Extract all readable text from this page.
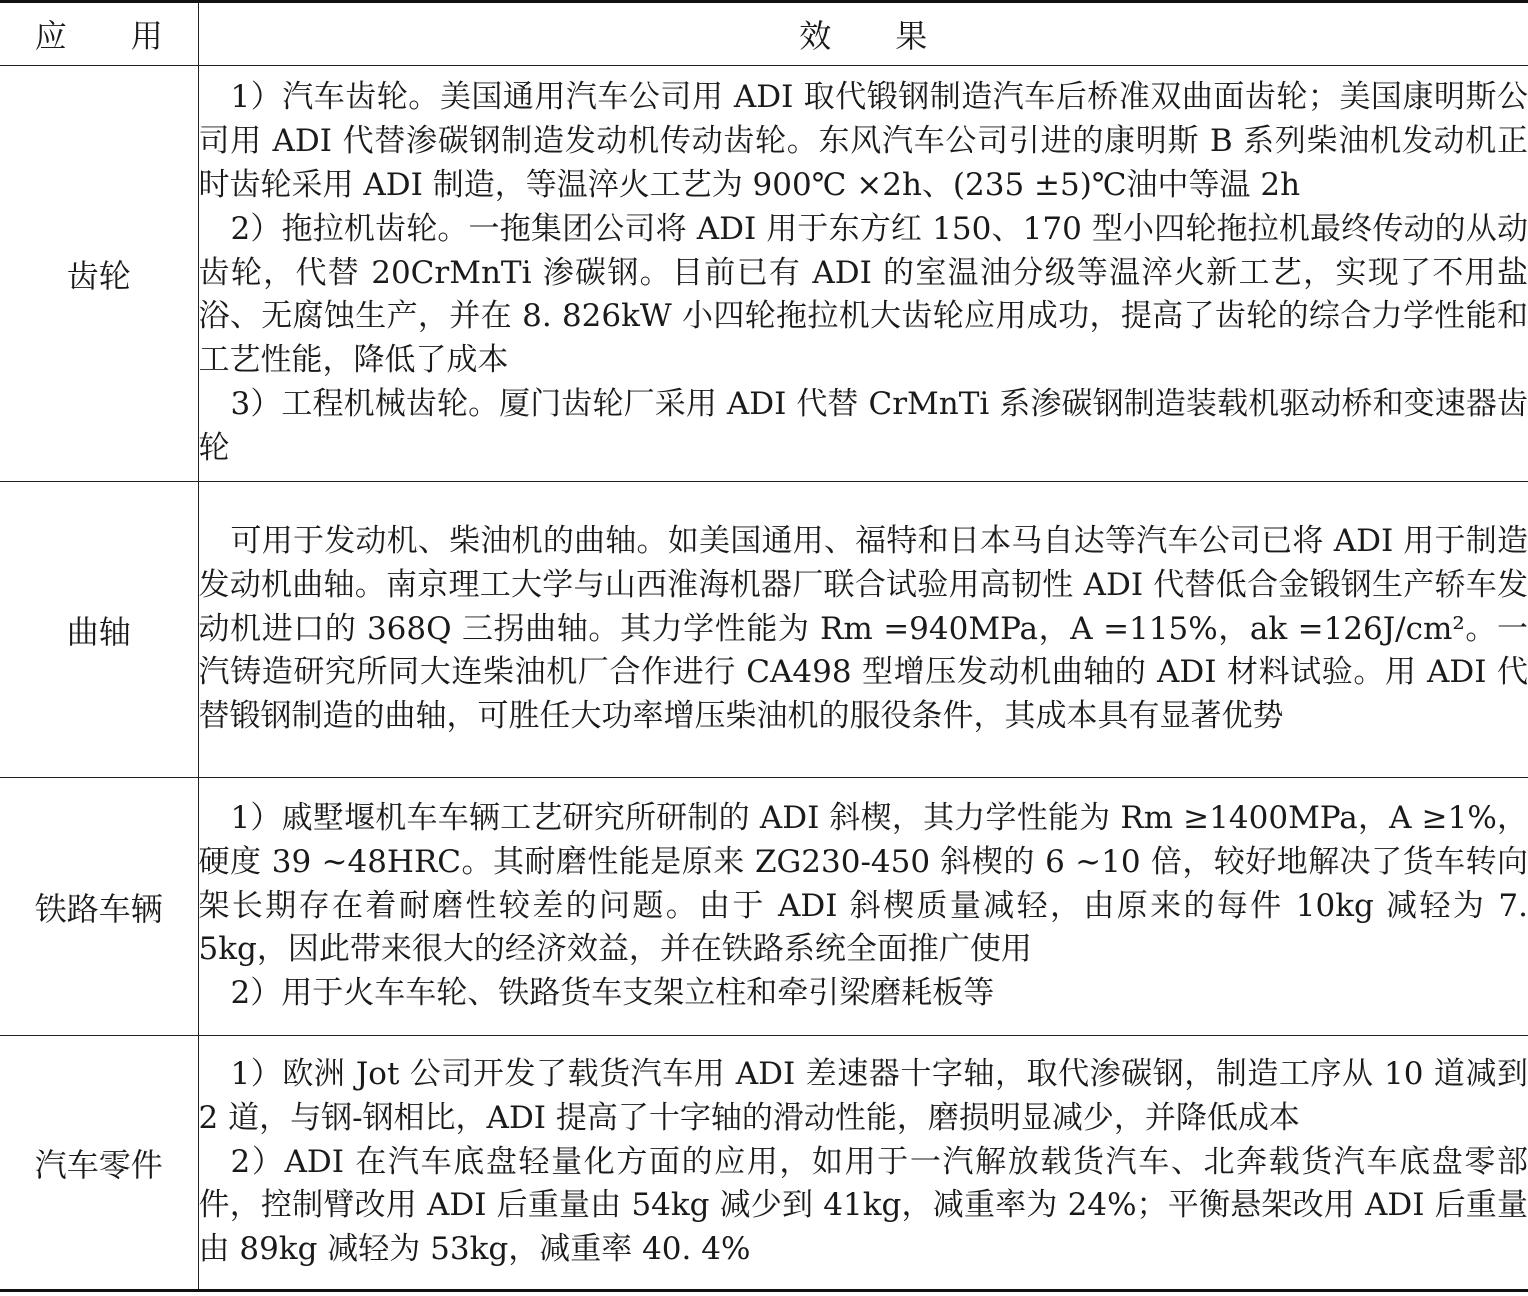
应　　用	效　　果
齿轮	1）汽车齿轮。美国通用汽车公司用 ADI 取代锻钢制造汽车后桥准双曲面齿轮；美国康明斯公司用 ADI 代替渗碳钢制造发动机传动齿轮。东风汽车公司引进的康明斯 B 系列柴油机发动机正时齿轮采用 ADI 制造，等温淬火工艺为 900℃ ×2h、(235 ±5)℃油中等温 2h

2）拖拉机齿轮。一拖集团公司将 ADI 用于东方红 150、170 型小四轮拖拉机最终传动的从动齿轮，代替 20CrMnTi 渗碳钢。目前已有 ADI 的室温油分级等温淬火新工艺，实现了不用盐浴、无腐蚀生产，并在 8. 826kW 小四轮拖拉机大齿轮应用成功，提高了齿轮的综合力学性能和工艺性能，降低了成本

3）工程机械齿轮。厦门齿轮厂采用 ADI 代替 CrMnTi 系渗碳钢制造装载机驱动桥和变速器齿轮

曲轴	可用于发动机、柴油机的曲轴。如美国通用、福特和日本马自达等汽车公司已将 ADI 用于制造发动机曲轴。南京理工大学与山西淮海机器厂联合试验用高韧性 ADI 代替低合金锻钢生产轿车发动机进口的 368Q 三拐曲轴。其力学性能为 Rm =940MPa，A =115%，ak =126J/cm²。一汽铸造研究所同大连柴油机厂合作进行 CA498 型增压发动机曲轴的 ADI 材料试验。用 ADI 代替锻钢制造的曲轴，可胜任大功率增压柴油机的服役条件，其成本具有显著优势

铁路车辆	1）戚墅堰机车车辆工艺研究所研制的 ADI 斜楔，其力学性能为 Rm ≥1400MPa，A ≥1%，硬度 39 ~48HRC。其耐磨性能是原来 ZG230-450 斜楔的 6 ~10 倍，较好地解决了货车转向架长期存在着耐磨性较差的问题。由于 ADI 斜楔质量减轻，由原来的每件 10kg 减轻为 7. 5kg，因此带来很大的经济效益，并在铁路系统全面推广使用

2）用于火车车轮、铁路货车支架立柱和牵引梁磨耗板等

汽车零件	1）欧洲 Jot 公司开发了载货汽车用 ADI 差速器十字轴，取代渗碳钢，制造工序从 10 道减到 2 道，与钢-钢相比，ADI 提高了十字轴的滑动性能，磨损明显减少，并降低成本

2）ADI 在汽车底盘轻量化方面的应用，如用于一汽解放载货汽车、北奔载货汽车底盘零部件，控制臂改用 ADI 后重量由 54kg 减少到 41kg，减重率为 24%；平衡悬架改用 ADI 后重量由 89kg 减轻为 53kg，减重率 40. 4%
